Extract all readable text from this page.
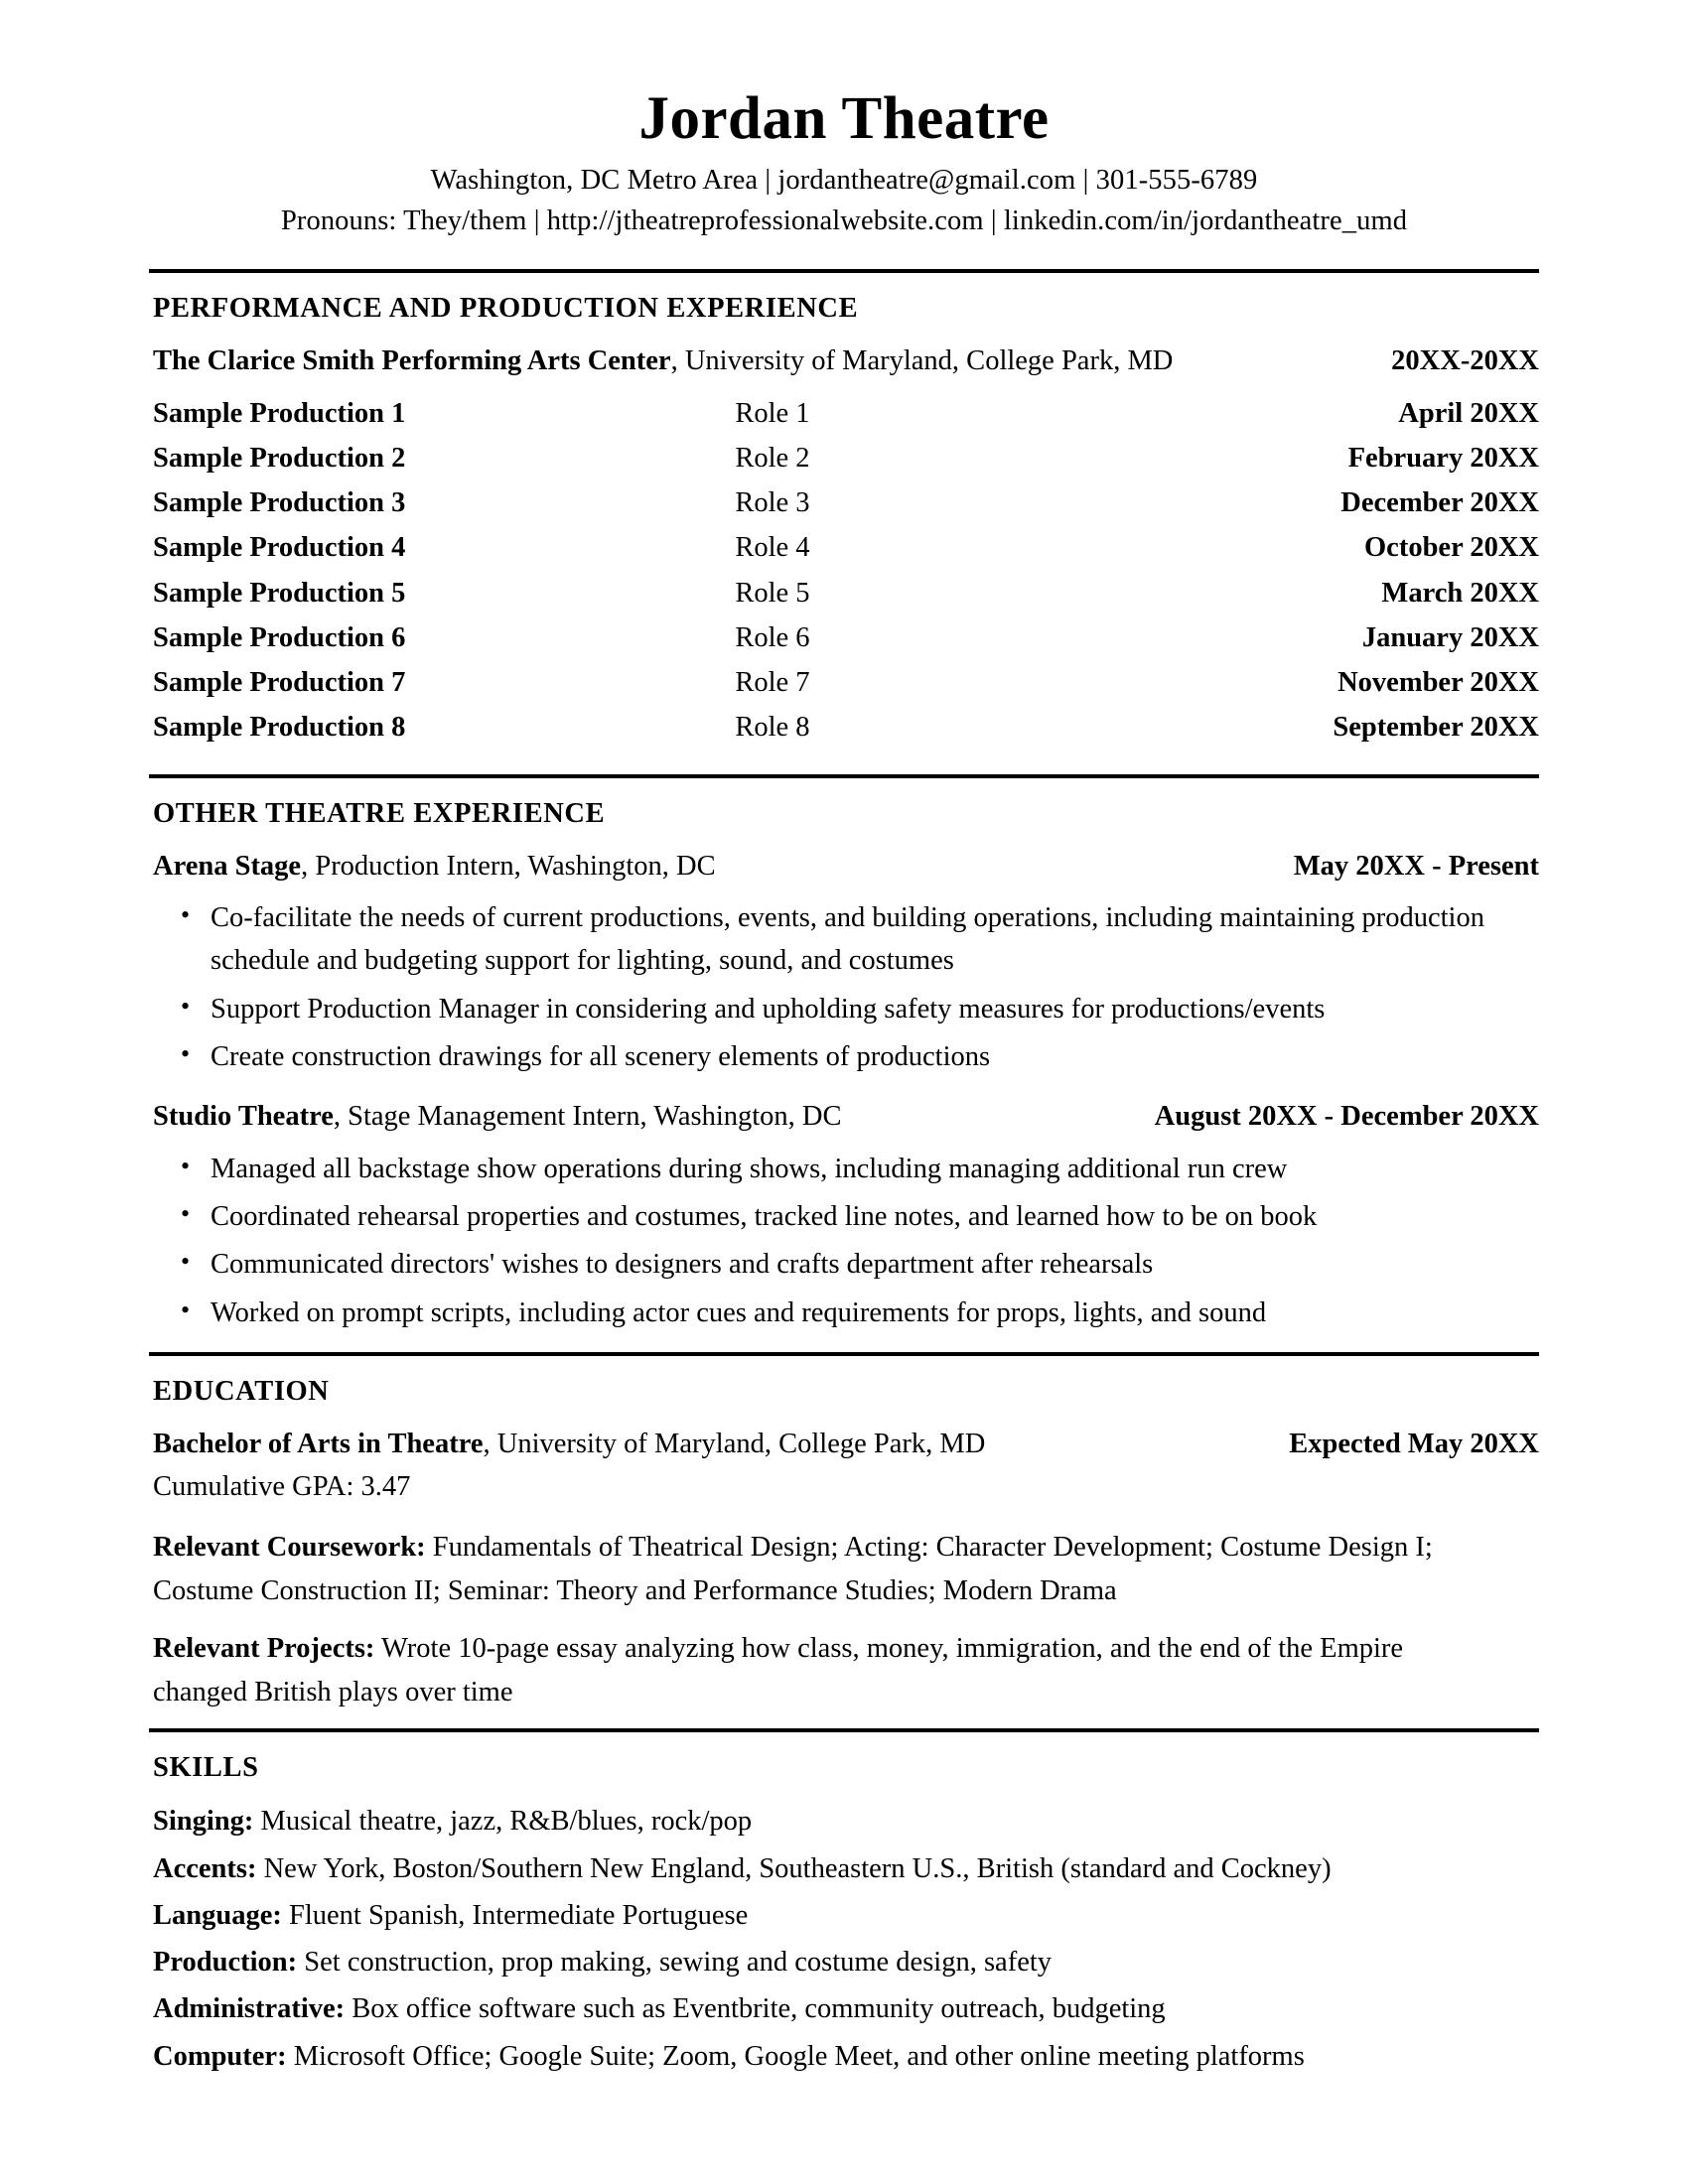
Jordan Theatre
Washington, DC Metro Area | jordantheatre@gmail.com | 301-555-6789
Pronouns: They/them | http://jtheatreprofessionalwebsite.com | linkedin.com/in/jordantheatre_umd
PERFORMANCE AND PRODUCTION EXPERIENCE
The Clarice Smith Performing Arts Center, University of Maryland, College Park, MD	20XX-20XX
Sample Production 1	Role 1	April 20XX
Sample Production 2	Role 2	February 20XX
Sample Production 3	Role 3	December 20XX
Sample Production 4	Role 4	October 20XX
Sample Production 5	Role 5	March 20XX
Sample Production 6	Role 6	January 20XX
Sample Production 7	Role 7	November 20XX
Sample Production 8	Role 8	September 20XX
OTHER THEATRE EXPERIENCE
Arena Stage, Production Intern, Washington, DC	May 20XX - Present
• Co-facilitate the needs of current productions, events, and building operations, including maintaining production schedule and budgeting support for lighting, sound, and costumes
• Support Production Manager in considering and upholding safety measures for productions/events
• Create construction drawings for all scenery elements of productions
Studio Theatre, Stage Management Intern, Washington, DC	August 20XX - December 20XX
• Managed all backstage show operations during shows, including managing additional run crew
• Coordinated rehearsal properties and costumes, tracked line notes, and learned how to be on book
• Communicated directors' wishes to designers and crafts department after rehearsals
• Worked on prompt scripts, including actor cues and requirements for props, lights, and sound
EDUCATION
Bachelor of Arts in Theatre, University of Maryland, College Park, MD	Expected May 20XX
Cumulative GPA: 3.47
Relevant Coursework: Fundamentals of Theatrical Design; Acting: Character Development; Costume Design I; Costume Construction II; Seminar: Theory and Performance Studies; Modern Drama
Relevant Projects: Wrote 10-page essay analyzing how class, money, immigration, and the end of the Empire changed British plays over time
SKILLS
Singing: Musical theatre, jazz, R&B/blues, rock/pop
Accents: New York, Boston/Southern New England, Southeastern U.S., British (standard and Cockney)
Language: Fluent Spanish, Intermediate Portuguese
Production: Set construction, prop making, sewing and costume design, safety
Administrative: Box office software such as Eventbrite, community outreach, budgeting
Computer: Microsoft Office; Google Suite; Zoom, Google Meet, and other online meeting platforms
